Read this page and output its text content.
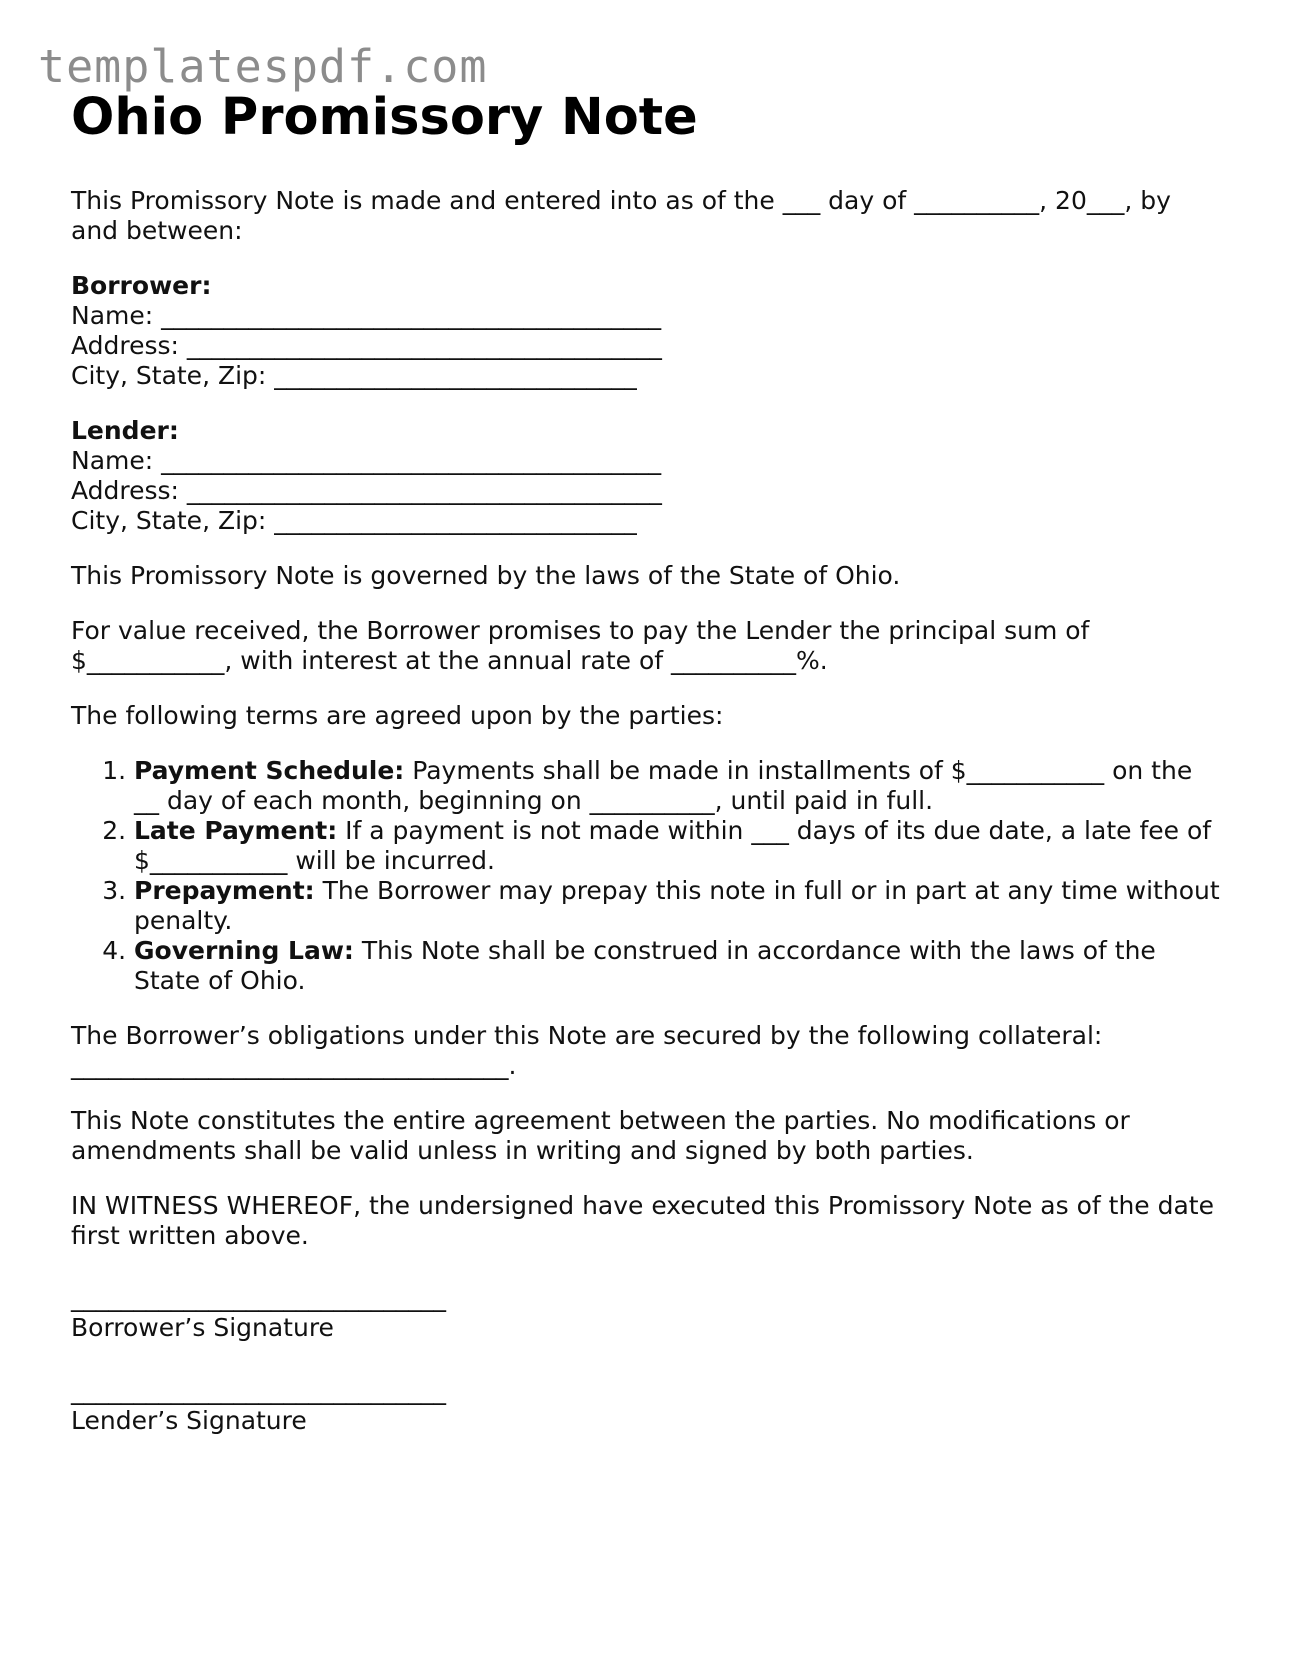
templatespdf.com
Ohio Promissory Note

This Promissory Note is made and entered into as of the ___ day of __________, 20___, by and between:

Borrower:
Name: ________________________________________
Address: ______________________________________
City, State, Zip: _____________________________
Lender:
Name: ________________________________________
Address: ______________________________________
City, State, Zip: _____________________________

This Promissory Note is governed by the laws of the State of Ohio.

For value received, the Borrower promises to pay the Lender the principal sum of $___________, with interest at the annual rate of __________%.

The following terms are agreed upon by the parties:

1. Payment Schedule: Payments shall be made in installments of $___________ on the __ day of each month, beginning on __________, until paid in full.
2. Late Payment: If a payment is not made within ___ days of its due date, a late fee of $___________ will be incurred.
3. Prepayment: The Borrower may prepay this note in full or in part at any time without penalty.
4. Governing Law: This Note shall be construed in accordance with the laws of the State of Ohio.

The Borrower’s obligations under this Note are secured by the following collateral: ___________________________________.

This Note constitutes the entire agreement between the parties. No modifications or amendments shall be valid unless in writing and signed by both parties.

IN WITNESS WHEREOF, the undersigned have executed this Promissory Note as of the date first written above.

______________________________
Borrower’s Signature
______________________________
Lender’s Signature
